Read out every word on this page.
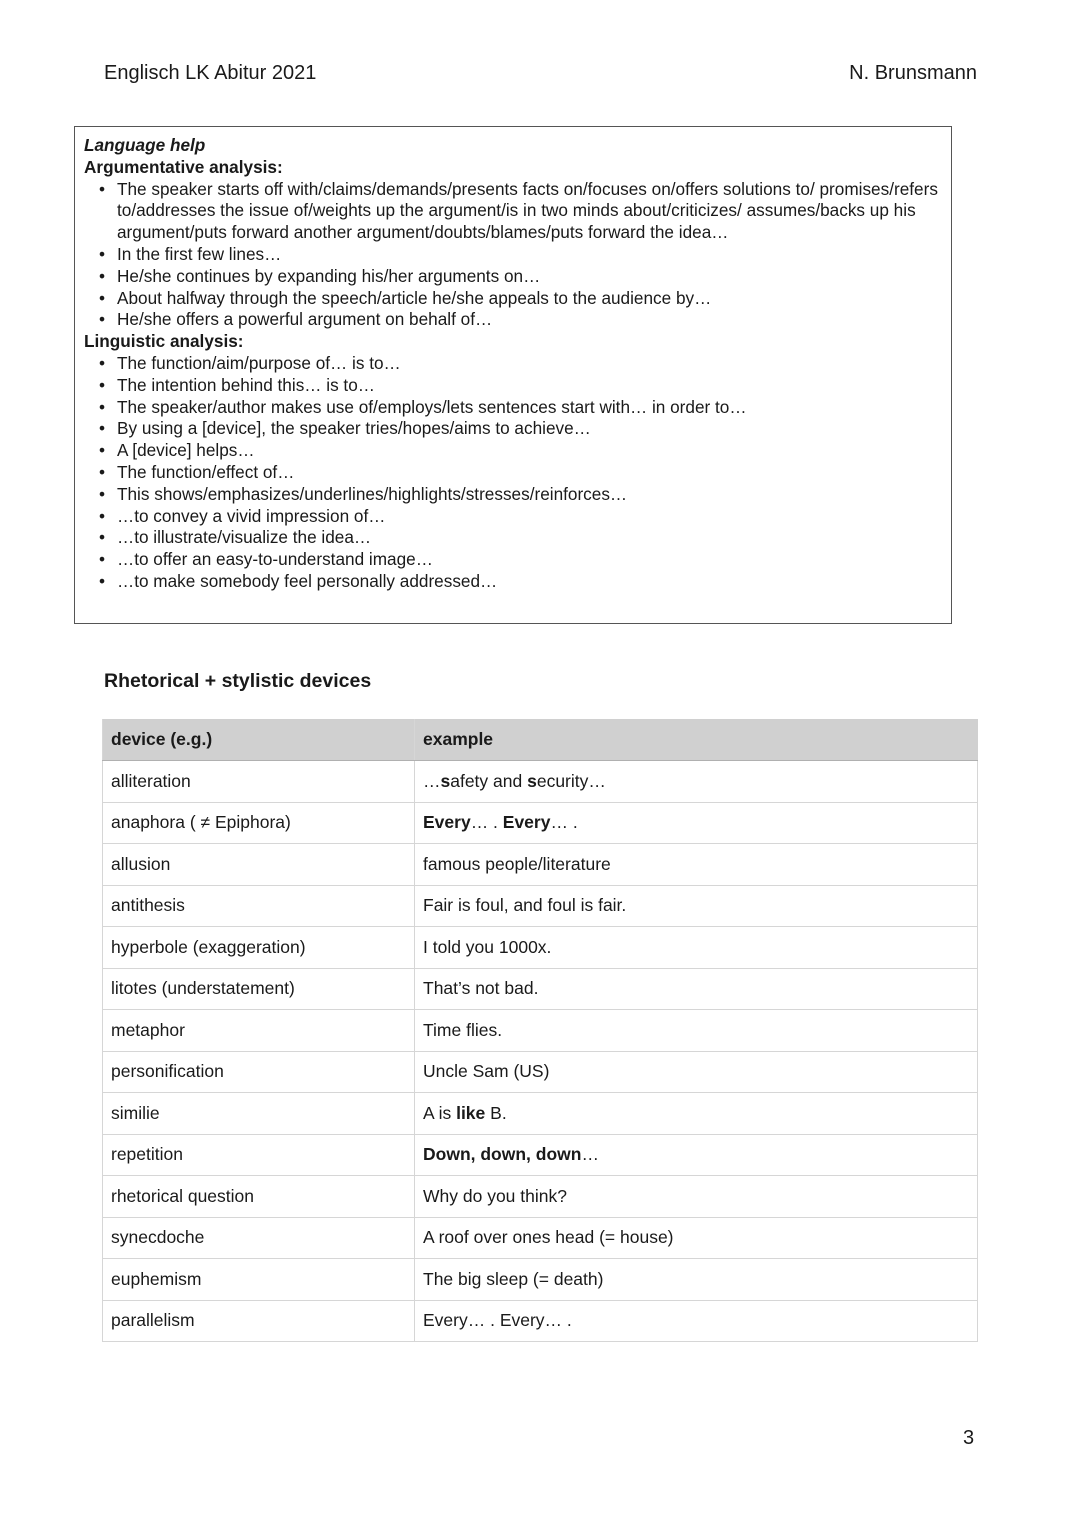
Englisch LK Abitur 2021	N. Brunsmann
Language help
Argumentative analysis:
• The speaker starts off with/claims/demands/presents facts on/focuses on/offers solutions to/ promises/refers to/addresses the issue of/weights up the argument/is in two minds about/criticizes/ assumes/backs up his argument/puts forward another argument/doubts/blames/puts forward the idea…
• In the first few lines…
• He/she continues by expanding his/her arguments on…
• About halfway through the speech/article he/she appeals to the audience by…
• He/she offers a powerful argument on behalf of…
Linguistic analysis:
• The function/aim/purpose of… is to…
• The intention behind this… is to…
• The speaker/author makes use of/employs/lets sentences start with… in order to…
• By using a [device], the speaker tries/hopes/aims to achieve…
• A [device] helps…
• The function/effect of…
• This shows/emphasizes/underlines/highlights/stresses/reinforces…
• …to convey a vivid impression of…
• …to illustrate/visualize the idea…
• …to offer an easy-to-understand image…
• …to make somebody feel personally addressed…
Rhetorical + stylistic devices
device (e.g.)	example
alliteration	…safety and security…
anaphora ( ≠ Epiphora)	Every… . Every… .
allusion	famous people/literature
antithesis	Fair is foul, and foul is fair.
hyperbole (exaggeration)	I told you 1000x.
litotes (understatement)	That’s not bad.
metaphor	Time flies.
personification	Uncle Sam (US)
similie	A is like B.
repetition	Down, down, down…
rhetorical question	Why do you think?
synecdoche	A roof over ones head (= house)
euphemism	The big sleep (= death)
parallelism	Every… . Every… .
3
